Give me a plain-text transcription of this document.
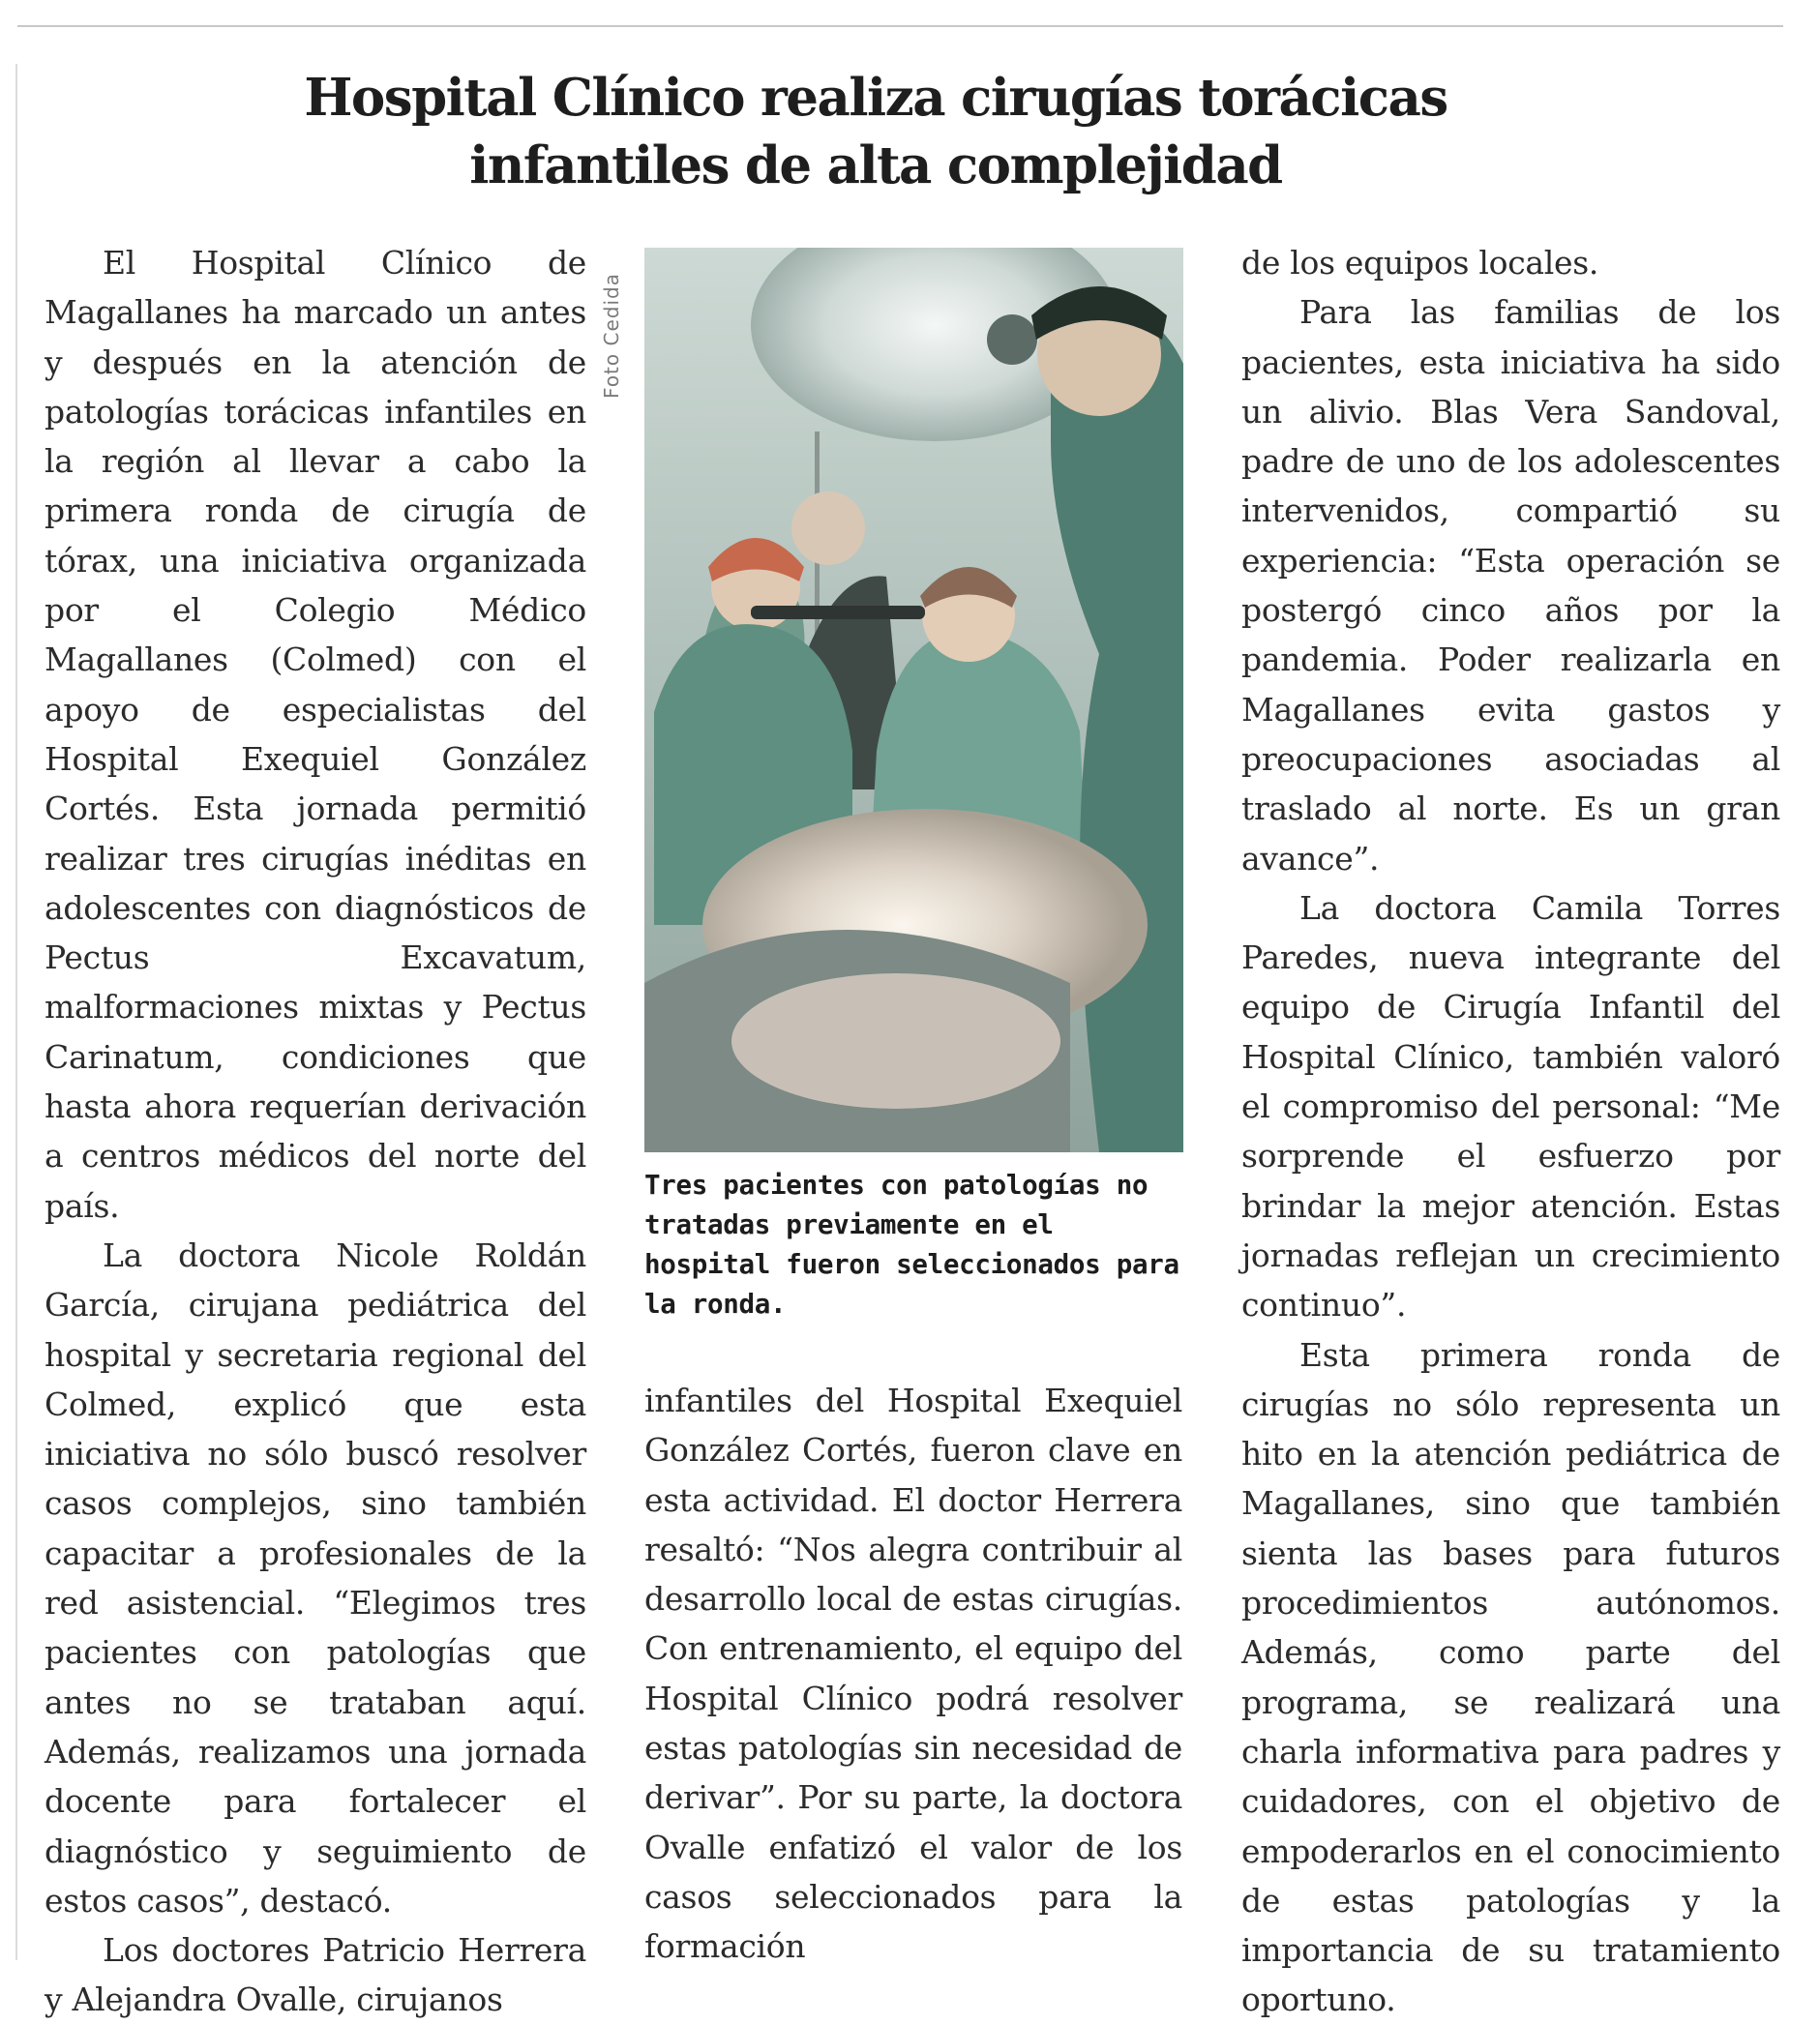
Hospital Clínico realiza cirugías torácicas infantiles de alta complejidad

El Hospital Clínico de Magallanes ha marcado un antes y después en la atención de patologías torácicas infantiles en la región al llevar a cabo la primera ronda de cirugía de tórax, una iniciativa organizada por el Colegio Médico Magallanes (Colmed) con el apoyo de especialistas del Hospital Exequiel González Cortés. Esta jornada permitió realizar tres cirugías inéditas en adolescentes con diagnósticos de Pectus Excavatum, malformaciones mixtas y Pectus Carinatum, condiciones que hasta ahora requerían derivación a centros médicos del norte del país.

La doctora Nicole Roldán García, cirujana pediátrica del hospital y secretaria regional del Colmed, explicó que esta iniciativa no sólo buscó resolver casos complejos, sino también capacitar a profesionales de la red asistencial. “Elegimos tres pacientes con patologías que antes no se trataban aquí. Además, realizamos una jornada docente para fortalecer el diagnóstico y seguimiento de estos casos”, destacó.

Los doctores Patricio Herrera y Alejandra Ovalle, cirujanos

Foto Cedida

Tres pacientes con patologías no tratadas previamente en el hospital fueron seleccionados para la ronda.

infantiles del Hospital Exequiel González Cortés, fueron clave en esta actividad. El doctor Herrera resaltó: “Nos alegra contribuir al desarrollo local de estas cirugías. Con entrenamiento, el equipo del Hospital Clínico podrá resolver estas patologías sin necesidad de derivar”. Por su parte, la doctora Ovalle enfatizó el valor de los casos seleccionados para la formación

de los equipos locales.

Para las familias de los pacientes, esta iniciativa ha sido un alivio. Blas Vera Sandoval, padre de uno de los adolescentes intervenidos, compartió su experiencia: “Esta operación se postergó cinco años por la pandemia. Poder realizarla en Magallanes evita gastos y preocupaciones asociadas al traslado al norte. Es un gran avance”.

La doctora Camila Torres Paredes, nueva integrante del equipo de Cirugía Infantil del Hospital Clínico, también valoró el compromiso del personal: “Me sorprende el esfuerzo por brindar la mejor atención. Estas jornadas reflejan un crecimiento continuo”.

Esta primera ronda de cirugías no sólo representa un hito en la atención pediátrica de Magallanes, sino que también sienta las bases para futuros procedimientos autónomos. Además, como parte del programa, se realizará una charla informativa para padres y cuidadores, con el objetivo de empoderarlos en el conocimiento de estas patologías y la importancia de su tratamiento oportuno.
